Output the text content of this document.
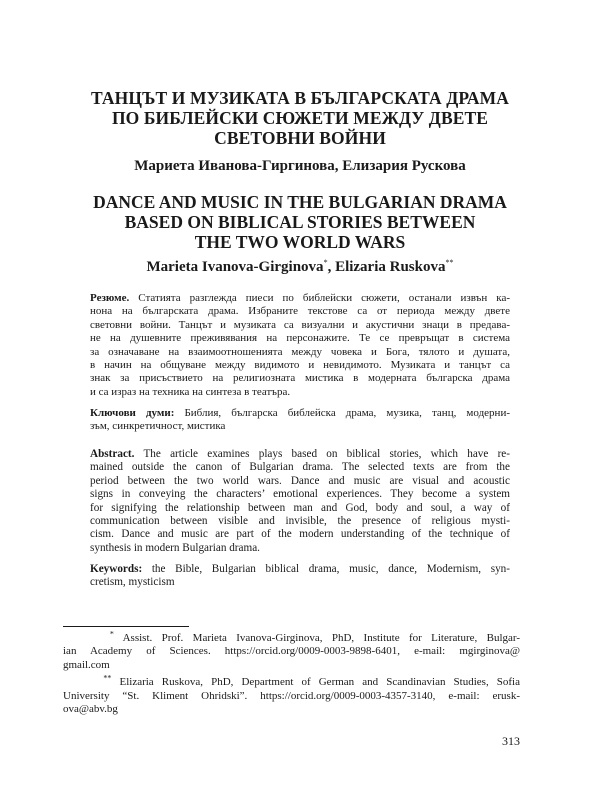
ТАНЦЪТ И МУЗИКАТА В БЪЛГАРСКАТА ДРАМА
ПО БИБЛЕЙСКИ СЮЖЕТИ МЕЖДУ ДВЕТЕ
СВЕТОВНИ ВОЙНИ
Мариета Иванова-Гиргинова, Елизария Рускова
DANCE AND MUSIC IN THE BULGARIAN DRAMA
BASED ON BIBLICAL STORIES BETWEEN
THE TWO WORLD WARS
Marieta Ivanova-Girginova*, Elizaria Ruskova**
Резюме. Статията разглежда пиеси по библейски сюжети, останали извън ка-
нона на българската драма. Избраните текстове са от периода между двете
световни войни. Танцът и музиката са визуални и акустични знаци в предава-
не на душевните преживявания на персонажите. Те се превръщат в система
за означаване на взаимоотношенията между човека и Бога, тялото и душата,
в начин на общуване между видимото и невидимото. Музиката и танцът са
знак за присъствието на религиозната мистика в модерната българска драма
и са израз на техника на синтеза в театъра.
Ключови думи: Библия, българска библейска драма, музика, танц, модерни-
зъм, синкретичност, мистика
Abstract. The article examines plays based on biblical stories, which have re-
mained outside the canon of Bulgarian drama. The selected texts are from the
period between the two world wars. Dance and music are visual and acoustic
signs in conveying the characters’ emotional experiences. They become a system
for signifying the relationship between man and God, body and soul, a way of
communication between visible and invisible, the presence of religious mysti-
cism. Dance and music are part of the modern understanding of the technique of
synthesis in modern Bulgarian drama.
Keywords: the Bible, Bulgarian biblical drama, music, dance, Modernism, syn-
cretism, mysticism
* Assist. Prof. Marieta Ivanova-Girginova, PhD, Institute for Literature, Bulgar-
ian Academy of Sciences. https://orcid.org/0009-0003-9898-6401, e-mail: mgirginova@
gmail.com
** Elizaria Ruskova, PhD, Department of German and Scandinavian Studies, Sofia
University “St. Kliment Ohridski”. https://orcid.org/0009-0003-4357-3140, e-mail: erusk-
ova@abv.bg
313
